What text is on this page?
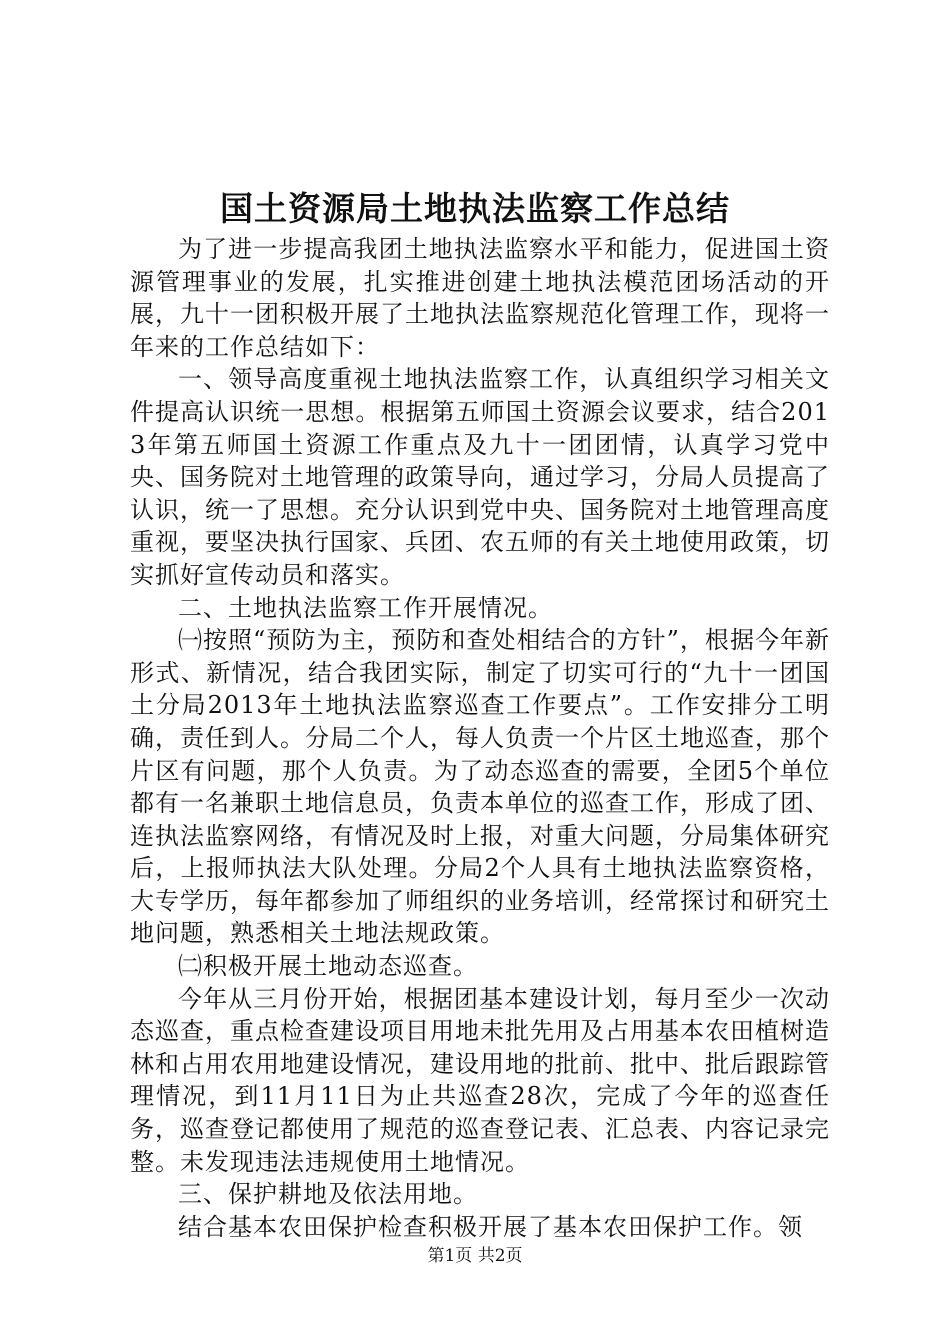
国土资源局土地执法监察工作总结

为了进一步提高我团土地执法监察水平和能力，促进国土资源管理事业的发展，扎实推进创建土地执法模范团场活动的开展，九十一团积极开展了土地执法监察规范化管理工作，现将一年来的工作总结如下：

一、领导高度重视土地执法监察工作，认真组织学习相关文件提高认识统一思想。根据第五师国土资源会议要求，结合2013年第五师国土资源工作重点及九十一团团情，认真学习党中央、国务院对土地管理的政策导向，通过学习，分局人员提高了认识，统一了思想。充分认识到党中央、国务院对土地管理高度重视，要坚决执行国家、兵团、农五师的有关土地使用政策，切实抓好宣传动员和落实。

二、土地执法监察工作开展情况。

㈠按照“预防为主，预防和查处相结合的方针”，根据今年新形式、新情况，结合我团实际，制定了切实可行的“九十一团国土分局2013年土地执法监察巡查工作要点”。工作安排分工明确，责任到人。分局二个人，每人负责一个片区土地巡查，那个片区有问题，那个人负责。为了动态巡查的需要，全团5个单位都有一名兼职土地信息员，负责本单位的巡查工作，形成了团、连执法监察网络，有情况及时上报，对重大问题，分局集体研究后，上报师执法大队处理。分局2个人具有土地执法监察资格，大专学历，每年都参加了师组织的业务培训，经常探讨和研究土地问题，熟悉相关土地法规政策。

㈡积极开展土地动态巡查。

今年从三月份开始，根据团基本建设计划，每月至少一次动态巡查，重点检查建设项目用地未批先用及占用基本农田植树造林和占用农用地建设情况，建设用地的批前、批中、批后跟踪管理情况，到11月11日为止共巡查28次，完成了今年的巡查任务，巡查登记都使用了规范的巡查登记表、汇总表、内容记录完整。未发现违法违规使用土地情况。

三、保护耕地及依法用地。

结合基本农田保护检查积极开展了基本农田保护工作。领

第1页 共2页
